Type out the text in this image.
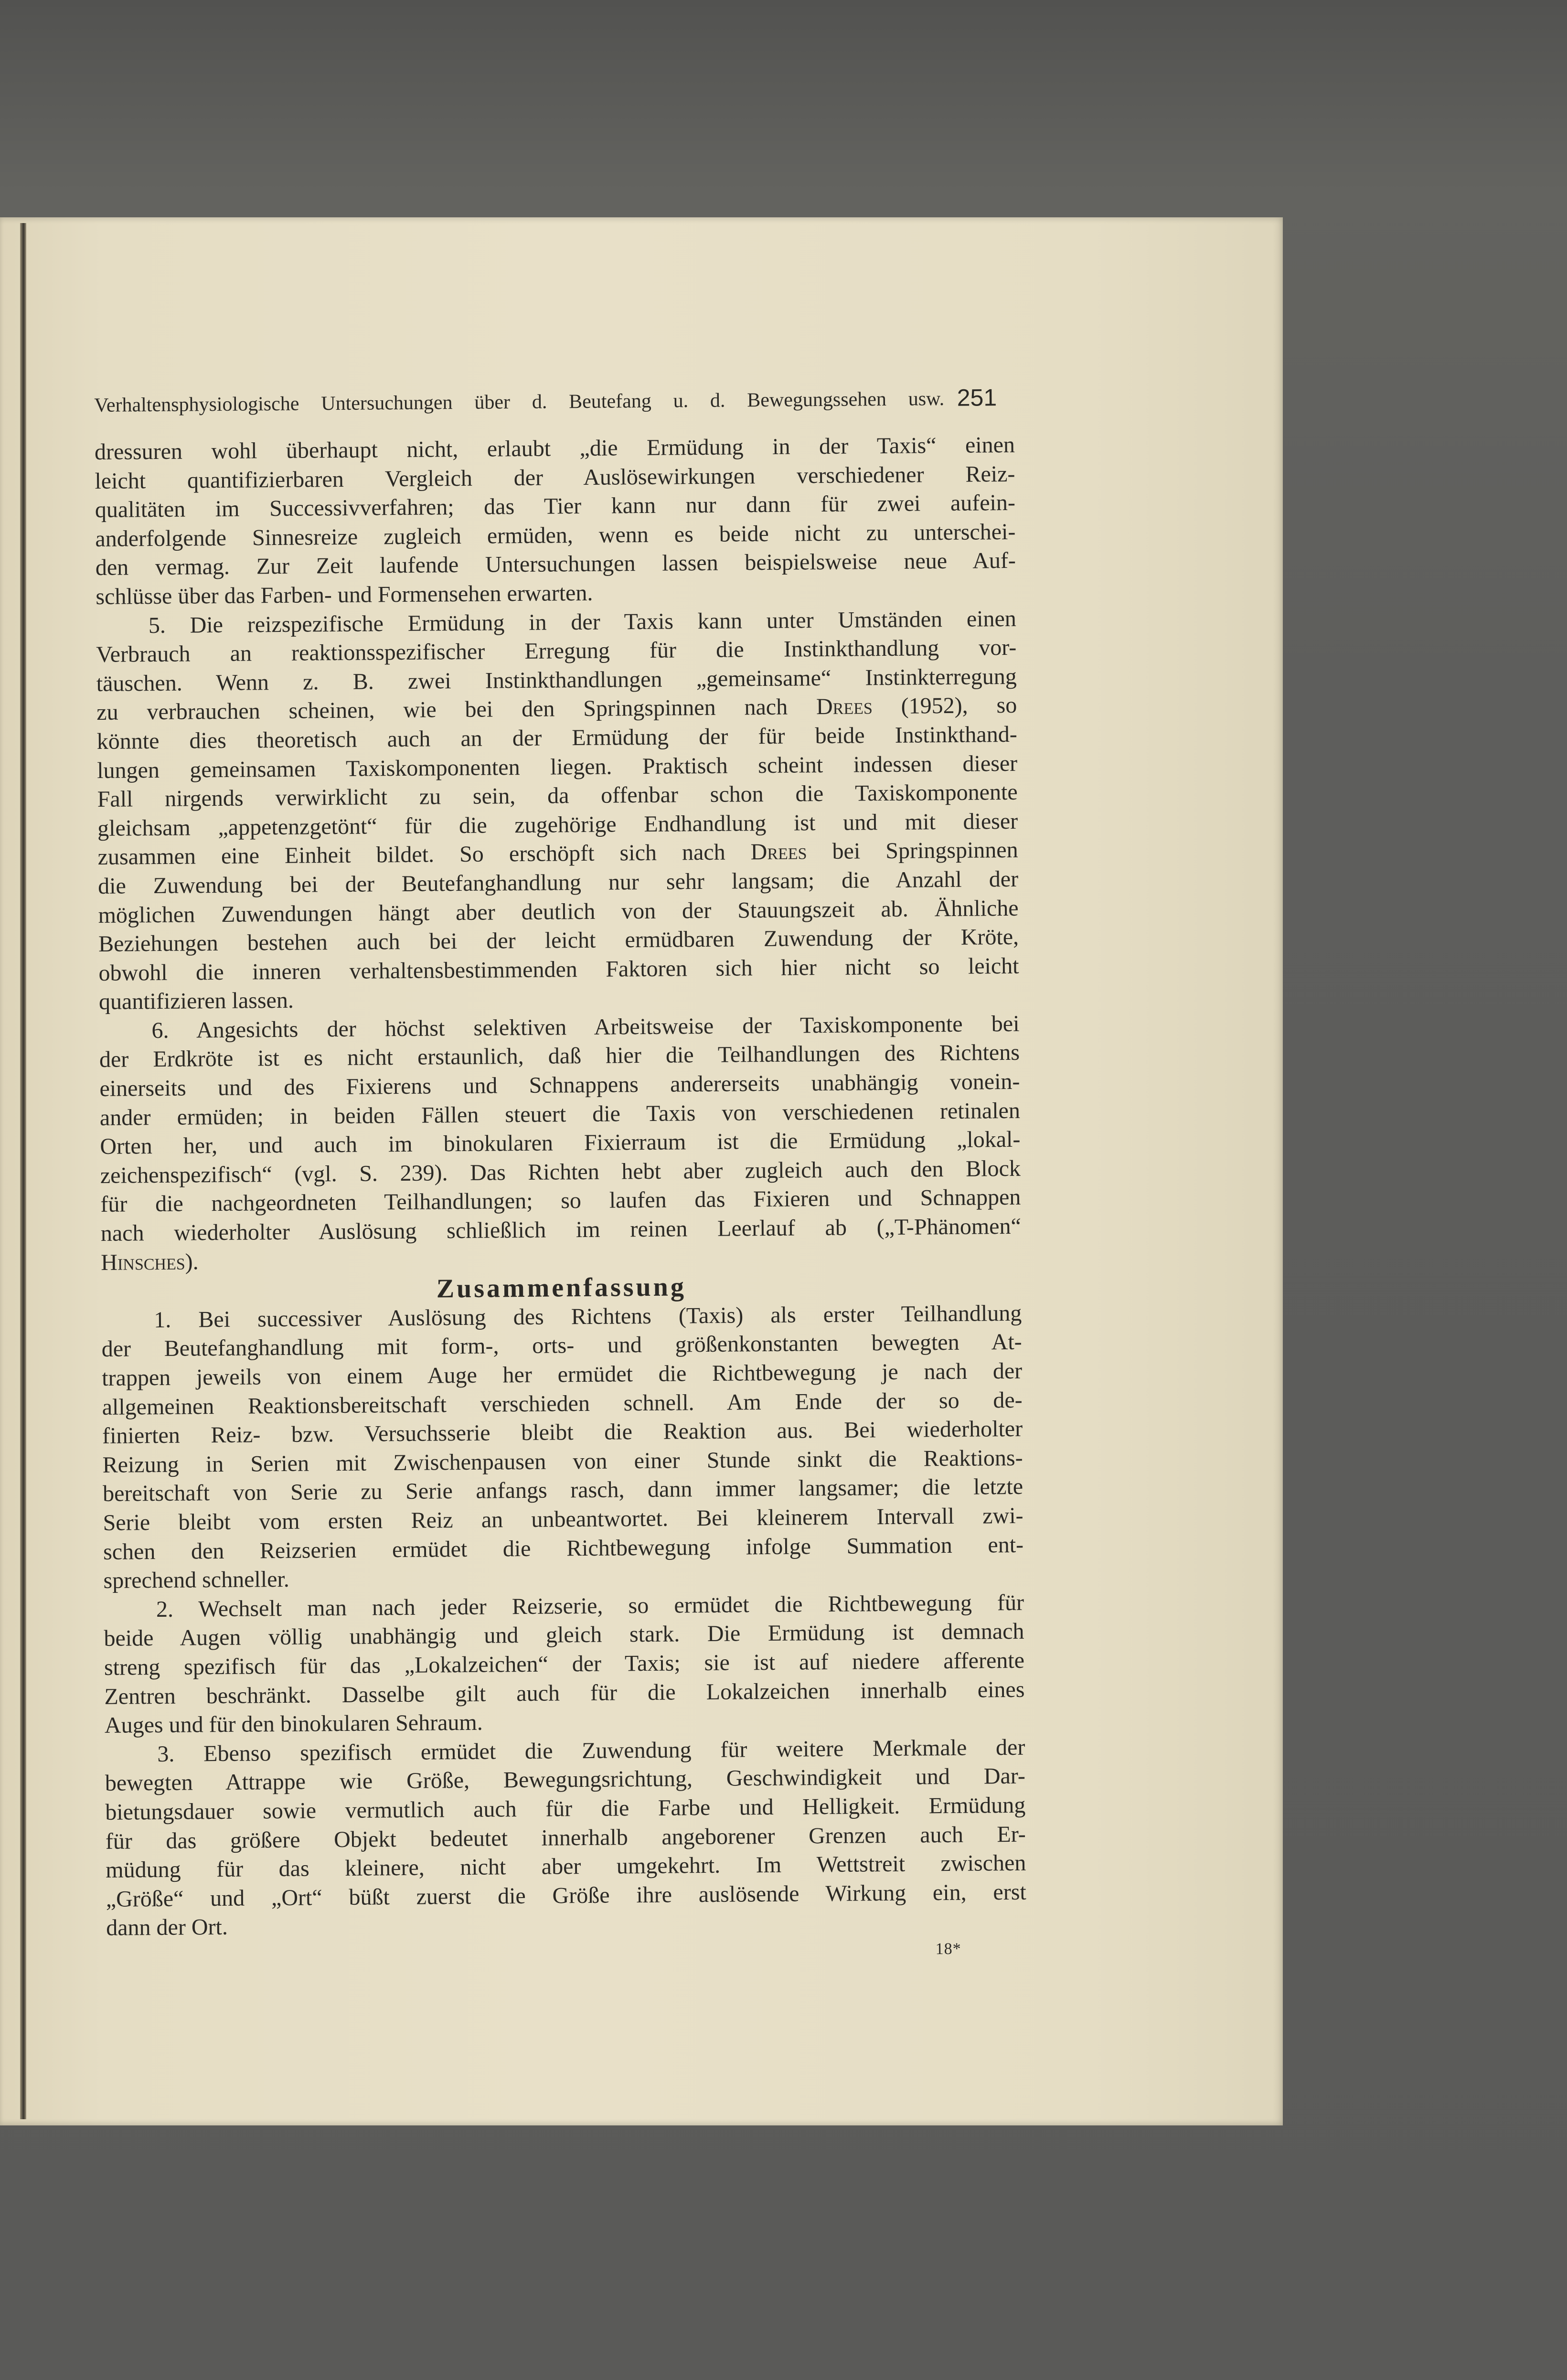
Verhaltensphysiologische Untersuchungen über d. Beutefang u. d. Bewegungssehen usw. 251
dressuren wohl überhaupt nicht, erlaubt „die Ermüdung in der Taxis“ einen
leicht quantifizierbaren Vergleich der Auslösewirkungen verschiedener Reiz-
qualitäten im Successivverfahren; das Tier kann nur dann für zwei aufein-
anderfolgende Sinnesreize zugleich ermüden, wenn es beide nicht zu unterschei-
den vermag. Zur Zeit laufende Untersuchungen lassen beispielsweise neue Auf-
schlüsse über das Farben- und Formensehen erwarten.
5. Die reizspezifische Ermüdung in der Taxis kann unter Umständen einen
Verbrauch an reaktionsspezifischer Erregung für die Instinkthandlung vor-
täuschen. Wenn z. B. zwei Instinkthandlungen „gemeinsame“ Instinkterregung
zu verbrauchen scheinen, wie bei den Springspinnen nach Drees (1952), so
könnte dies theoretisch auch an der Ermüdung der für beide Instinkthand-
lungen gemeinsamen Taxiskomponenten liegen. Praktisch scheint indessen dieser
Fall nirgends verwirklicht zu sein, da offenbar schon die Taxiskomponente
gleichsam „appetenzgetönt“ für die zugehörige Endhandlung ist und mit dieser
zusammen eine Einheit bildet. So erschöpft sich nach Drees bei Springspinnen
die Zuwendung bei der Beutefanghandlung nur sehr langsam; die Anzahl der
möglichen Zuwendungen hängt aber deutlich von der Stauungszeit ab. Ähnliche
Beziehungen bestehen auch bei der leicht ermüdbaren Zuwendung der Kröte,
obwohl die inneren verhaltensbestimmenden Faktoren sich hier nicht so leicht
quantifizieren lassen.
6. Angesichts der höchst selektiven Arbeitsweise der Taxiskomponente bei
der Erdkröte ist es nicht erstaunlich, daß hier die Teilhandlungen des Richtens
einerseits und des Fixierens und Schnappens andererseits unabhängig vonein-
ander ermüden; in beiden Fällen steuert die Taxis von verschiedenen retinalen
Orten her, und auch im binokularen Fixierraum ist die Ermüdung „lokal-
zeichenspezifisch“ (vgl. S. 239). Das Richten hebt aber zugleich auch den Block
für die nachgeordneten Teilhandlungen; so laufen das Fixieren und Schnappen
nach wiederholter Auslösung schließlich im reinen Leerlauf ab („T-Phänomen“
Hinsches).
Zusammenfassung
1. Bei successiver Auslösung des Richtens (Taxis) als erster Teilhandlung
der Beutefanghandlung mit form-, orts- und größenkonstanten bewegten At-
trappen jeweils von einem Auge her ermüdet die Richtbewegung je nach der
allgemeinen Reaktionsbereitschaft verschieden schnell. Am Ende der so de-
finierten Reiz- bzw. Versuchsserie bleibt die Reaktion aus. Bei wiederholter
Reizung in Serien mit Zwischenpausen von einer Stunde sinkt die Reaktions-
bereitschaft von Serie zu Serie anfangs rasch, dann immer langsamer; die letzte
Serie bleibt vom ersten Reiz an unbeantwortet. Bei kleinerem Intervall zwi-
schen den Reizserien ermüdet die Richtbewegung infolge Summation ent-
sprechend schneller.
2. Wechselt man nach jeder Reizserie, so ermüdet die Richtbewegung für
beide Augen völlig unabhängig und gleich stark. Die Ermüdung ist demnach
streng spezifisch für das „Lokalzeichen“ der Taxis; sie ist auf niedere afferente
Zentren beschränkt. Dasselbe gilt auch für die Lokalzeichen innerhalb eines
Auges und für den binokularen Sehraum.
3. Ebenso spezifisch ermüdet die Zuwendung für weitere Merkmale der
bewegten Attrappe wie Größe, Bewegungsrichtung, Geschwindigkeit und Dar-
bietungsdauer sowie vermutlich auch für die Farbe und Helligkeit. Ermüdung
für das größere Objekt bedeutet innerhalb angeborener Grenzen auch Er-
müdung für das kleinere, nicht aber umgekehrt. Im Wettstreit zwischen
„Größe“ und „Ort“ büßt zuerst die Größe ihre auslösende Wirkung ein, erst
dann der Ort.
18*
